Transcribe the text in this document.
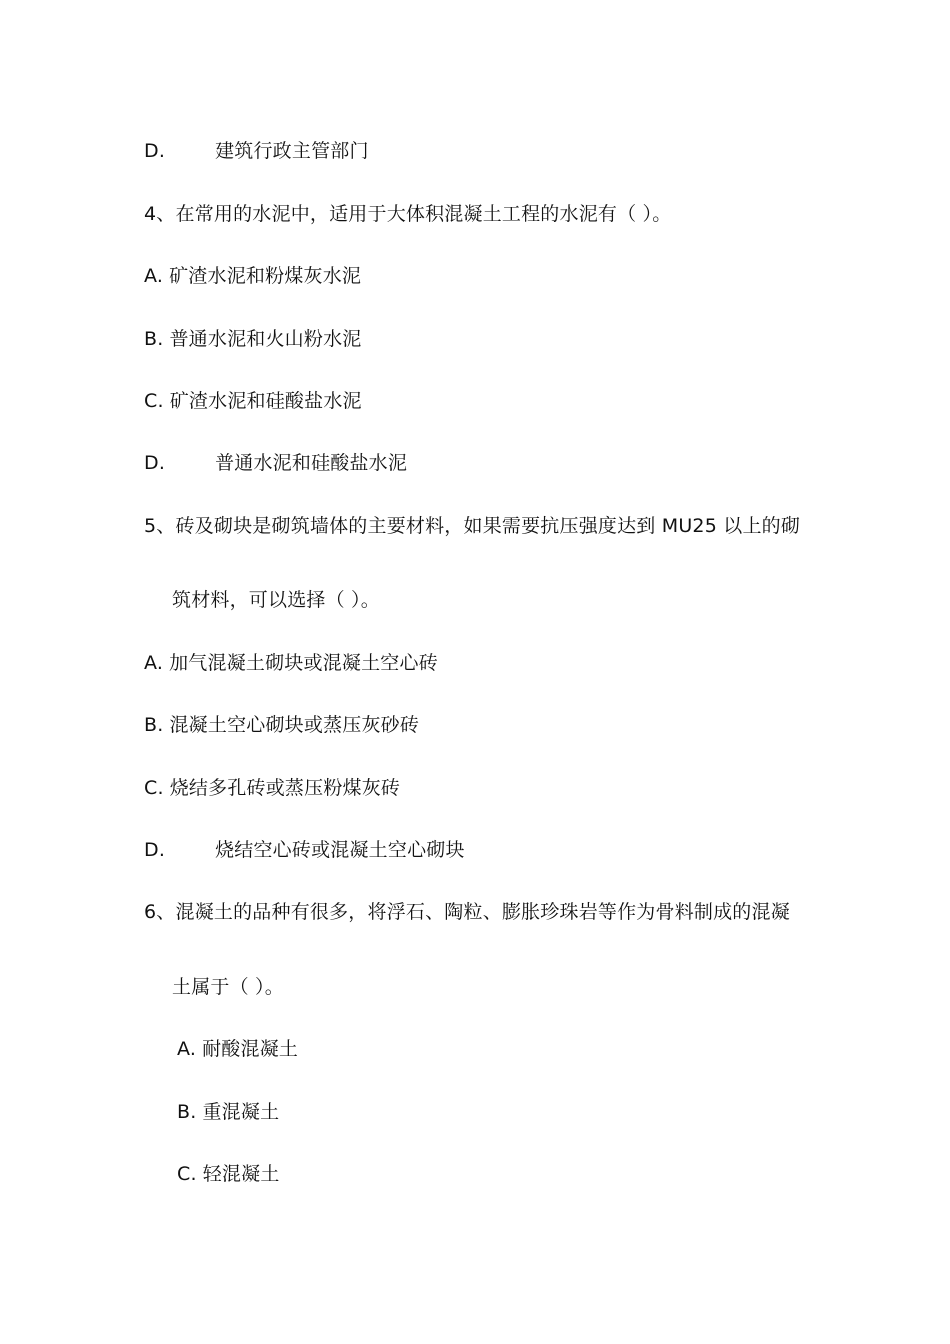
D.	建筑行政主管部门
4、在常用的水泥中，适用于大体积混凝土工程的水泥有（ ）。
A. 矿渣水泥和粉煤灰水泥
B. 普通水泥和火山粉水泥
C. 矿渣水泥和硅酸盐水泥
D.	普通水泥和硅酸盐水泥
5、砖及砌块是砌筑墙体的主要材料，如果需要抗压强度达到 MU25 以上的砌
筑材料，可以选择（ ）。
A. 加气混凝土砌块或混凝土空心砖
B. 混凝土空心砌块或蒸压灰砂砖
C. 烧结多孔砖或蒸压粉煤灰砖
D.	烧结空心砖或混凝土空心砌块
6、混凝土的品种有很多，将浮石、陶粒、膨胀珍珠岩等作为骨料制成的混凝
土属于（ ）。
A. 耐酸混凝土
B. 重混凝土
C. 轻混凝土
